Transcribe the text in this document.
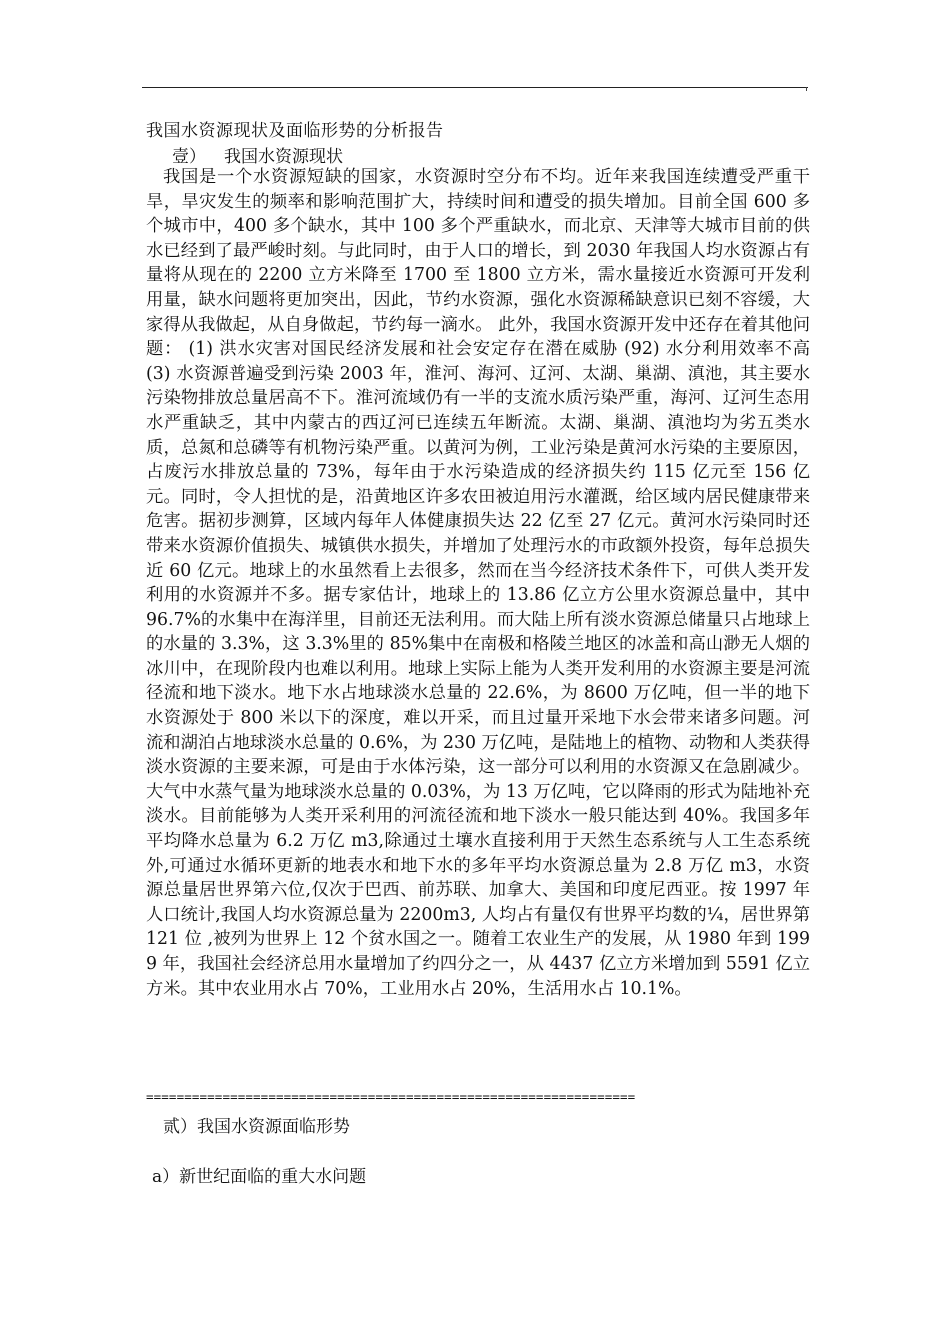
我国水资源现状及面临形势的分析报告
壹） 我国水资源现状
我国是一个水资源短缺的国家，水资源时空分布不均。近年来我国连续遭受严重干旱，旱灾发生的频率和影响范围扩大，持续时间和遭受的损失增加。目前全国 600 多个城市中，400 多个缺水，其中 100 多个严重缺水，而北京、天津等大城市目前的供水已经到了最严峻时刻。与此同时，由于人口的增长，到 2030 年我国人均水资源占有量将从现在的 2200 立方米降至 1700 至 1800 立方米，需水量接近水资源可开发利用量，缺水问题将更加突出，因此，节约水资源，强化水资源稀缺意识已刻不容缓，大家得从我做起，从自身做起，节约每一滴水。 此外，我国水资源开发中还存在着其他问题： (1) 洪水灾害对国民经济发展和社会安定存在潜在威胁 (92) 水分利用效率不高 (3) 水资源普遍受到污染 2003 年，淮河、海河、辽河、太湖、巢湖、滇池，其主要水污染物排放总量居高不下。淮河流域仍有一半的支流水质污染严重，海河、辽河生态用水严重缺乏，其中内蒙古的西辽河已连续五年断流。太湖、巢湖、滇池均为劣五类水质，总氮和总磷等有机物污染严重。以黄河为例，工业污染是黄河水污染的主要原因，占废污水排放总量的 73%，每年由于水污染造成的经济损失约 115 亿元至 156 亿元。同时，令人担忧的是，沿黄地区许多农田被迫用污水灌溉，给区域内居民健康带来危害。据初步测算，区域内每年人体健康损失达 22 亿至 27 亿元。黄河水污染同时还带来水资源价值损失、城镇供水损失，并增加了处理污水的市政额外投资，每年总损失近 60 亿元。地球上的水虽然看上去很多，然而在当今经济技术条件下，可供人类开发利用的水资源并不多。据专家估计，地球上的 13.86 亿立方公里水资源总量中，其中 96.7%的水集中在海洋里，目前还无法利用。而大陆上所有淡水资源总储量只占地球上的水量的 3.3%，这 3.3%里的 85%集中在南极和格陵兰地区的冰盖和高山渺无人烟的冰川中，在现阶段内也难以利用。地球上实际上能为人类开发利用的水资源主要是河流径流和地下淡水。地下水占地球淡水总量的 22.6%，为 8600 万亿吨，但一半的地下水资源处于 800 米以下的深度，难以开采，而且过量开采地下水会带来诸多问题。河流和湖泊占地球淡水总量的 0.6%，为 230 万亿吨，是陆地上的植物、动物和人类获得淡水资源的主要来源，可是由于水体污染，这一部分可以利用的水资源又在急剧减少。大气中水蒸气量为地球淡水总量的 0.03%，为 13 万亿吨，它以降雨的形式为陆地补充淡水。目前能够为人类开采利用的河流径流和地下淡水一般只能达到 40%。我国多年平均降水总量为 6.2 万亿 m3,除通过土壤水直接利用于天然生态系统与人工生态系统外,可通过水循环更新的地表水和地下水的多年平均水资源总量为 2.8 万亿 m3，水资源总量居世界第六位,仅次于巴西、前苏联、加拿大、美国和印度尼西亚。按 1997 年人口统计,我国人均水资源总量为 2200m3, 人均占有量仅有世界平均数的¼，居世界第 121 位 ,被列为世界上 12 个贫水国之一。随着工农业生产的发展，从 1980 年到 1999 年，我国社会经济总用水量增加了约四分之一，从 4437 亿立方米增加到 5591 亿立方米。其中农业用水占 70%，工业用水占 20%，生活用水占 10.1%。
================================================================
贰）我国水资源面临形势
a）新世纪面临的重大水问题
